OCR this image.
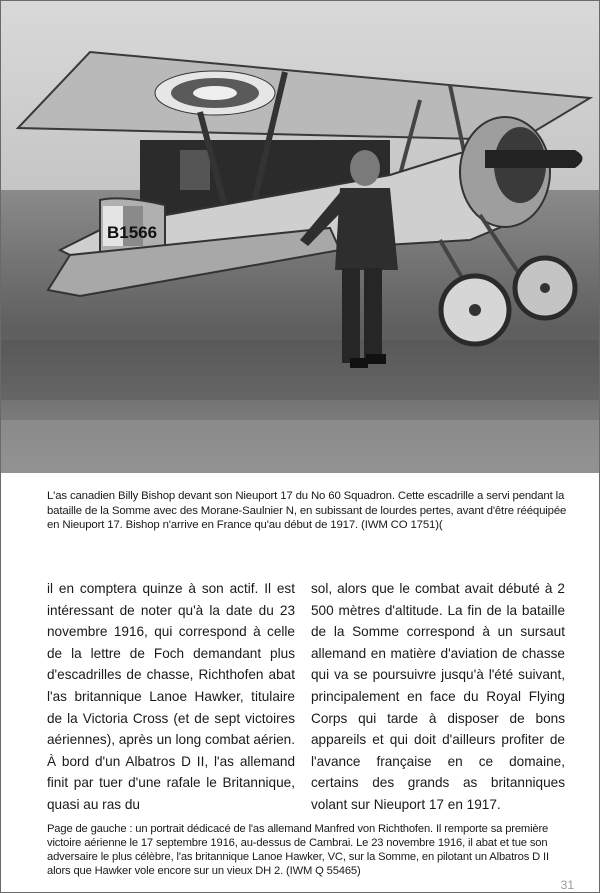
B1566

L'as canadien Billy Bishop devant son Nieuport 17 du No 60 Squadron. Cette escadrille a servi pendant la bataille de la Somme avec des Morane-Saulnier N, en subissant de lourdes pertes, avant d'être rééquipée en Nieuport 17. Bishop n'arrive en France qu'au début de 1917. (IWM CO 1751)(

il en comptera quinze à son actif. Il est intéressant de noter qu'à la date du 23 novembre 1916, qui correspond à celle de la lettre de Foch demandant plus d'escadrilles de chasse, Richthofen abat l'as britannique Lanoe Hawker, titulaire de la Victoria Cross (et de sept victoires aériennes), après un long combat aérien. À bord d'un Albatros D II, l'as allemand finit par tuer d'une rafale le Britannique, quasi au ras du

sol, alors que le combat avait débuté à 2 500 mètres d'altitude. La fin de la bataille de la Somme correspond à un sursaut allemand en matière d'aviation de chasse qui va se poursuivre jusqu'à l'été suivant, principalement en face du Royal Flying Corps qui tarde à disposer de bons appareils et qui doit d'ailleurs profiter de l'avance française en ce domaine, certains des grands as britanniques volant sur Nieuport 17 en 1917.

Page de gauche : un portrait dédicacé de l'as allemand Manfred von Richthofen. Il remporte sa première victoire aérienne le 17 septembre 1916, au-dessus de Cambrai. Le 23 novembre 1916, il abat et tue son adversaire le plus célèbre, l'as britannique Lanoe Hawker, VC, sur la Somme, en pilotant un Albatros D II alors que Hawker vole encore sur un vieux DH 2. (IWM Q 55465)

31
